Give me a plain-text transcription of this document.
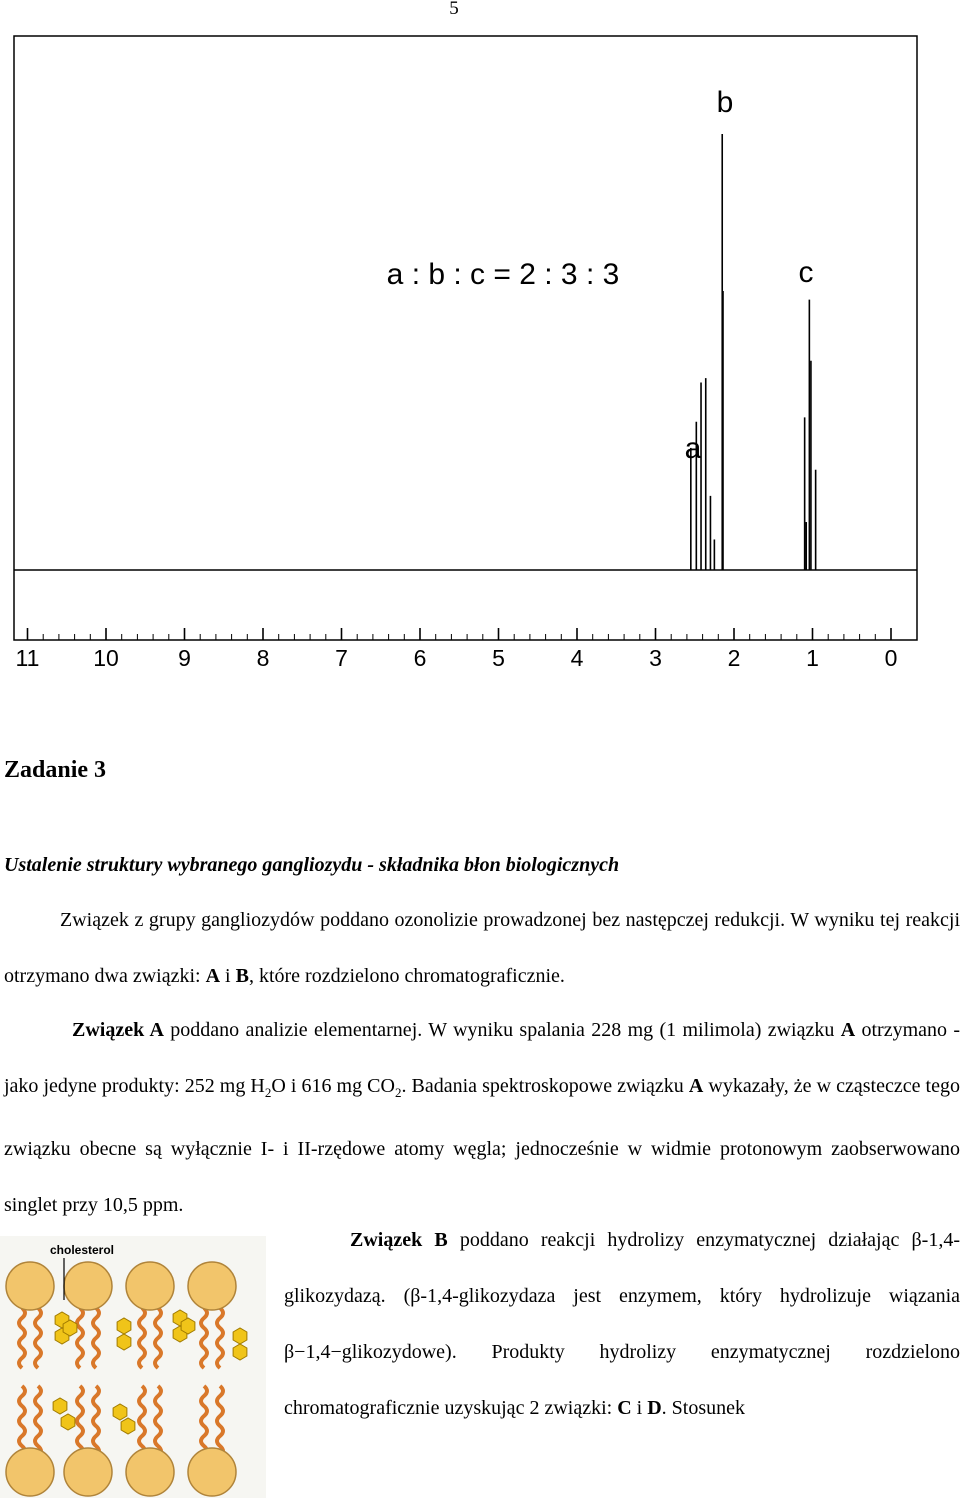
5
11 10	9	8	7	6	5	4	3	2	1	0
a : b : c = 2 : 3 : 3
a
b
c
Zadanie 3

Ustalenie struktury wybranego gangliozydu - składnika błon biologicznych

Związek z grupy gangliozydów poddano ozonolizie prowadzonej bez następczej redukcji. W wyniku tej reakcji otrzymano dwa związki: A i B, które rozdzielono chromatograficznie.

Związek A poddano analizie elementarnej. W wyniku spalania 228 mg (1 milimola) związku A otrzymano - jako jedyne produkty: 252 mg $H_2O$ i 616 mg $CO_2$. Badania spektroskopowe związku A wykazały, że w cząsteczce tego związku obecne są wyłącznie I- i II-rzędowe atomy węgla; jednocześnie w widmie protonowym zaobserwowano singlet przy 10,5 ppm.

Związek B poddano reakcji hydrolizy enzymatycznej działając β-1,4-glikozydazą. (β-1,4-glikozydaza jest enzymem, który hydrolizuje wiązania β−1,4−glikozydowe). Produkty hydrolizy enzymatycznej rozdzielono chromatograficznie uzyskując 2 związki: C i D. Stosunek

cholesterol
